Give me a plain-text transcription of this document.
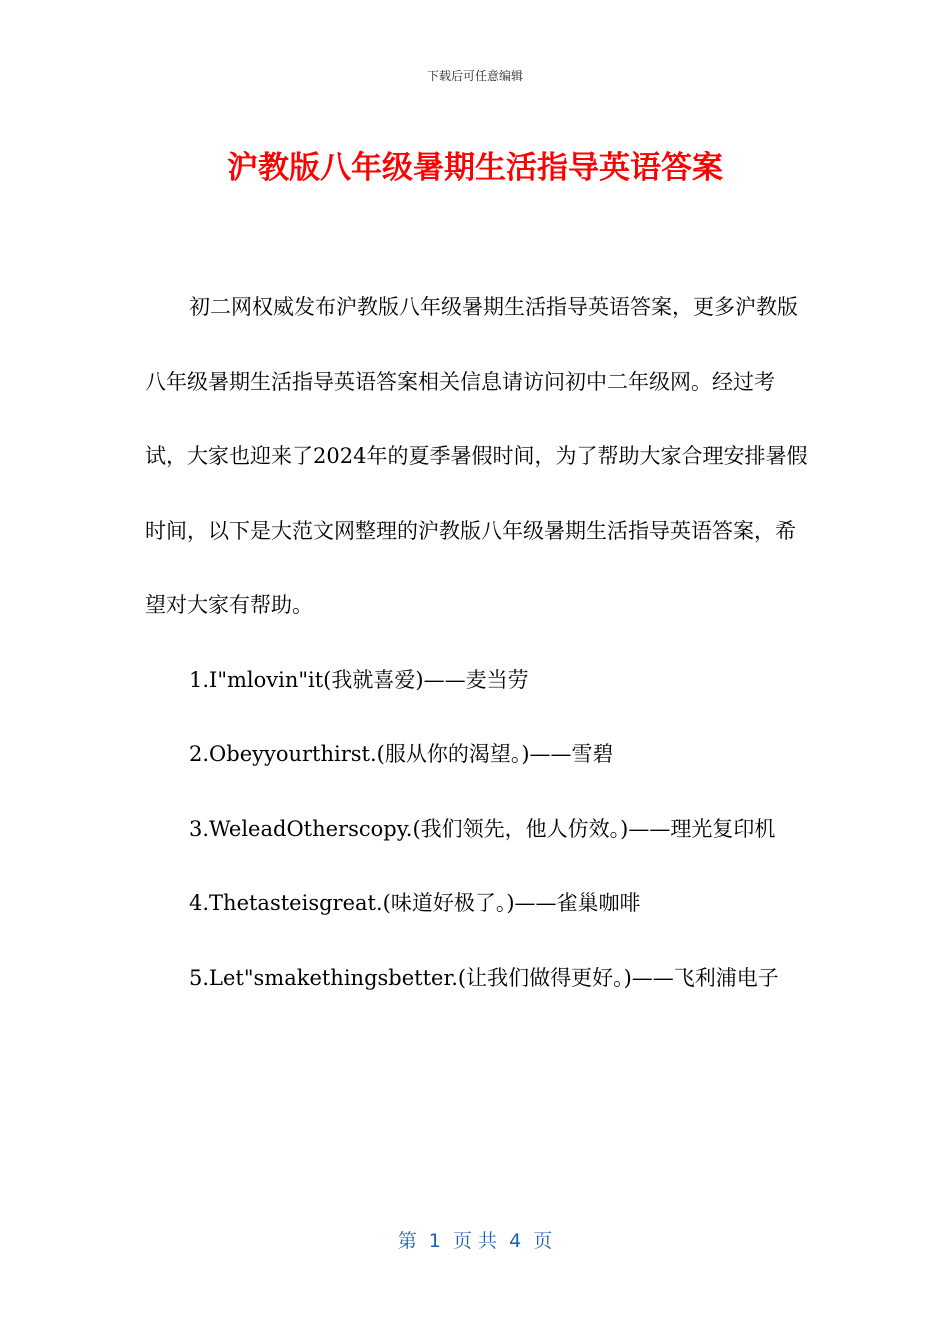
下载后可任意编辑
沪教版八年级暑期生活指导英语答案

初二网权威发布沪教版八年级暑期生活指导英语答案，更多沪教版八年级暑期生活指导英语答案相关信息请访问初中二年级网。经过考试，大家也迎来了2024年的夏季暑假时间，为了帮助大家合理安排暑假时间，以下是大范文网整理的沪教版八年级暑期生活指导英语答案，希望对大家有帮助。

1.I"mlovin"it(我就喜爱)——麦当劳

2.Obeyyourthirst.(服从你的渴望。)——雪碧

3.WeleadOtherscopy.(我们领先，他人仿效。)——理光复印机

4.Thetasteisgreat.(味道好极了。)——雀巢咖啡

5.Let"smakethingsbetter.(让我们做得更好。)——飞利浦电子

第  1  页 共  4  页
